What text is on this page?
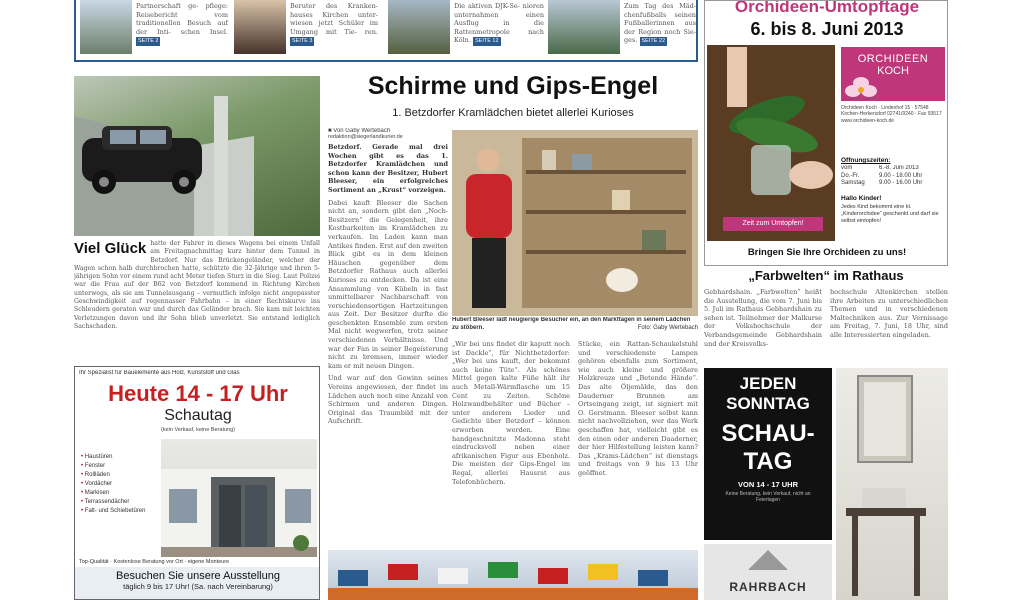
Partnerschaft ge- pflege: Reisebericht vom traditionellen Besuch auf der Inti- schen Insel. SEITE 2
Beruter des Kranken- hauses Kirchen unter- wiesen jetzt Schüler im Umgang mit Tie- ren. SEITE 3
Die aktiven DJK-Se- nioren unternahmen einen Ausflug in die Rattenmetropole nach Köln. SEITE 12
Zum Tag des Mäd- chenfußballs seinen Fußballerinnen aus der Region noch Sie- ges. SEITE 22
Viel Glück hatte der Fahrer in dieses Wagens bei einem Unfall am Freitagnachmittag kurz hinter dem Tunnel in Betzdorf. Nur das Brückengeländer, welcher der Wagen schon halb durchbrochen hatte, schützte die 32-Jährige und ihren 5-jährigen Sohn vor einem rund acht Meter tiefen Sturz in die Sieg. Laut Polizei war die Frau auf der B62 von Betzdorf kommend in Richtung Kirchen unterwegs, als sie am Tunnelausgang – vermutlich infolge nicht angepasster Geschwindigkeit auf regennasser Fahrbahn – in einer Rechtskurve ins Schleudern geraten war und durch das Geländer brach. Sie kam mit leichten Verletzungen davon und ihr Sohn blieb unverletzt. Sie entstand lediglich Sachschaden.
Ihr Spezialist für Bauelemente aus Holz, Kunststoff und Glas
Heute 14 - 17 Uhr
Schautag
(kein Verkauf, keine Beratung)
• Haustüren
• Fenster
• Rollläden
• Vordächer
• Markisen
• Terrassendächer
• Falt- und Schiebetüren
Top-Qualität · Kostenlose Beratung vor Ort · eigene Monteure
Besuchen Sie unsere Ausstellung
täglich 9 bis 17 Uhr! (Sa. nach Vereinbarung)
Schirme und Gips-Engel
1. Betzdorfer Kramlädchen bietet allerlei Kurioses
■ Von Gaby Wertebach
redaktion@siegerlandkurier.de
Betzdorf. Gerade mal drei Wochen gibt es das 1. Betzdorfer Kramlädchen und schon kann der Besitzer, Hubert Bleeser, ein erfolgreiches Sortiment an „Krust“ vorzeigen.
Dabei kauft Bleeser die Sachen nicht an, sondern gibt den „Noch-Besitzern“ die Gelegenheit, ihre Kostbarkeiten im Kramlädchen zu verkaufen. Im Laden kann man Antikes finden. Erst auf den zweiten Blick gibt es in dem kleinen Häuschen gegenüber dem Betzdorfer Rathaus auch allerlei Kurioses zu entdecken. Da ist eine Ansammlung von Kübeln in fast unmittelbarer Nachbarschaft von verschiedensortigen Hartzeitungen aus Zeit. Der Besitzer durfte die geschenkten Ensemble zum ersten Mal nicht wegwerfen, trotz seiner verschiedenen Verhältnisse. Und war der Fan in seiner Begeisterung nicht zu bremsen, immer wieder kam er mit neuen Dingen.
Und war auf den Gewinn seines Vereins angewiesen, der findet im Lädchen auch noch eine Anzahl von Schirmen und anderen Dingen. Original das Traumbild mit der Aufschrift.
Hubert Bleeser lädt neugierige Besucher ein, an den Markttagen in seinem Lädchen zu stöbern.	Foto: Gaby Wertebach
„Wir bei uns findet dir kaputt noch ist Dackle“, für Nichtbetzdorfer: „Wer bei uns kauft, der bekommt auch keine Tüte“. Als schönes Mittel gegen kalte Füße hält ihr auch Metall-Wärmflasche um 15 Cent zu Zeiten. Schöne Holzwandbehälter und Bücher – unter anderem Lieder und Gedichte über Betzdorf – können erworben werden. Eine handgeschnitzte Madonna steht eindrucksvoll neben einer afrikanischen Figur aus Ebenholz. Die meisten der Gips-Engel im Regal, allerlei Hausrat aus Telefonbüchern.
Stücke, ein Rattan-Schaukelstuhl und verschiedenste Lampen gehören ebenfalls zum Sortiment, wie auch kleine und größere Holzkreuze und „Betende Hände“. Das alte Öljemälde, das den Dauderner Brunnen am Ortseingang zeigt, ist signiert mit O. Gerstmann. Bleeser selbst kann nicht nachvollziehen, wer das Werk geschaffen hat, vielleicht gibt es den einen oder anderen Daaderner, der hier Hilfestellung leisten kann? Das „Krams-Lädchen“ ist dienstags und freitags von 9 bis 13 Uhr geöffnet.
Orchideen-Umtopftage
6. bis 8. Juni 2013
Zeit zum Umtopfen!
ORCHIDEEN
KOCH
Orchideen Koch · Lindenhof 15 · 57548 Kirchen-Herkersdorf 02741/9240 - Fax 93517 www.orchideen-koch.de
Öffnungszeiten:
vom	6.-8. Juni 2013
Do.-Fr.	9.00 - 18.00 Uhr
Samstag 9.00 - 16.00 Uhr
Hallo Kinder!
Jedes Kind bekommt eine kl. „Kinderorchidee“ geschenkt und darf sie selbst eintopfen!
Bringen Sie Ihre Orchideen zu uns!
„Farbwelten“ im Rathaus
Gebhardshain. „Farbwelten“ heißt die Ausstellung, die vom 7. Juni bis 5. Juli im Rathaus Gebhardshain zu sehen ist. Teilnehmer der Malkurse der Volkshochschule der Verbandsgemeinde Gebhardshain und der Kreisvolks-
hochschule Altenkirchen stellen ihre Arbeiten zu unterschiedlichen Themen und in verschiedenen Maltechniken aus. Zur Vernissage am Freitag, 7. Juni, 18 Uhr, sind alle Interessierten eingeladen.
JEDEN
SONNTAG
SCHAU-
TAG
VON 14 - 17 UHR
Keine Beratung, kein Verkauf, nicht an Feiertagen
RAHRBACH
